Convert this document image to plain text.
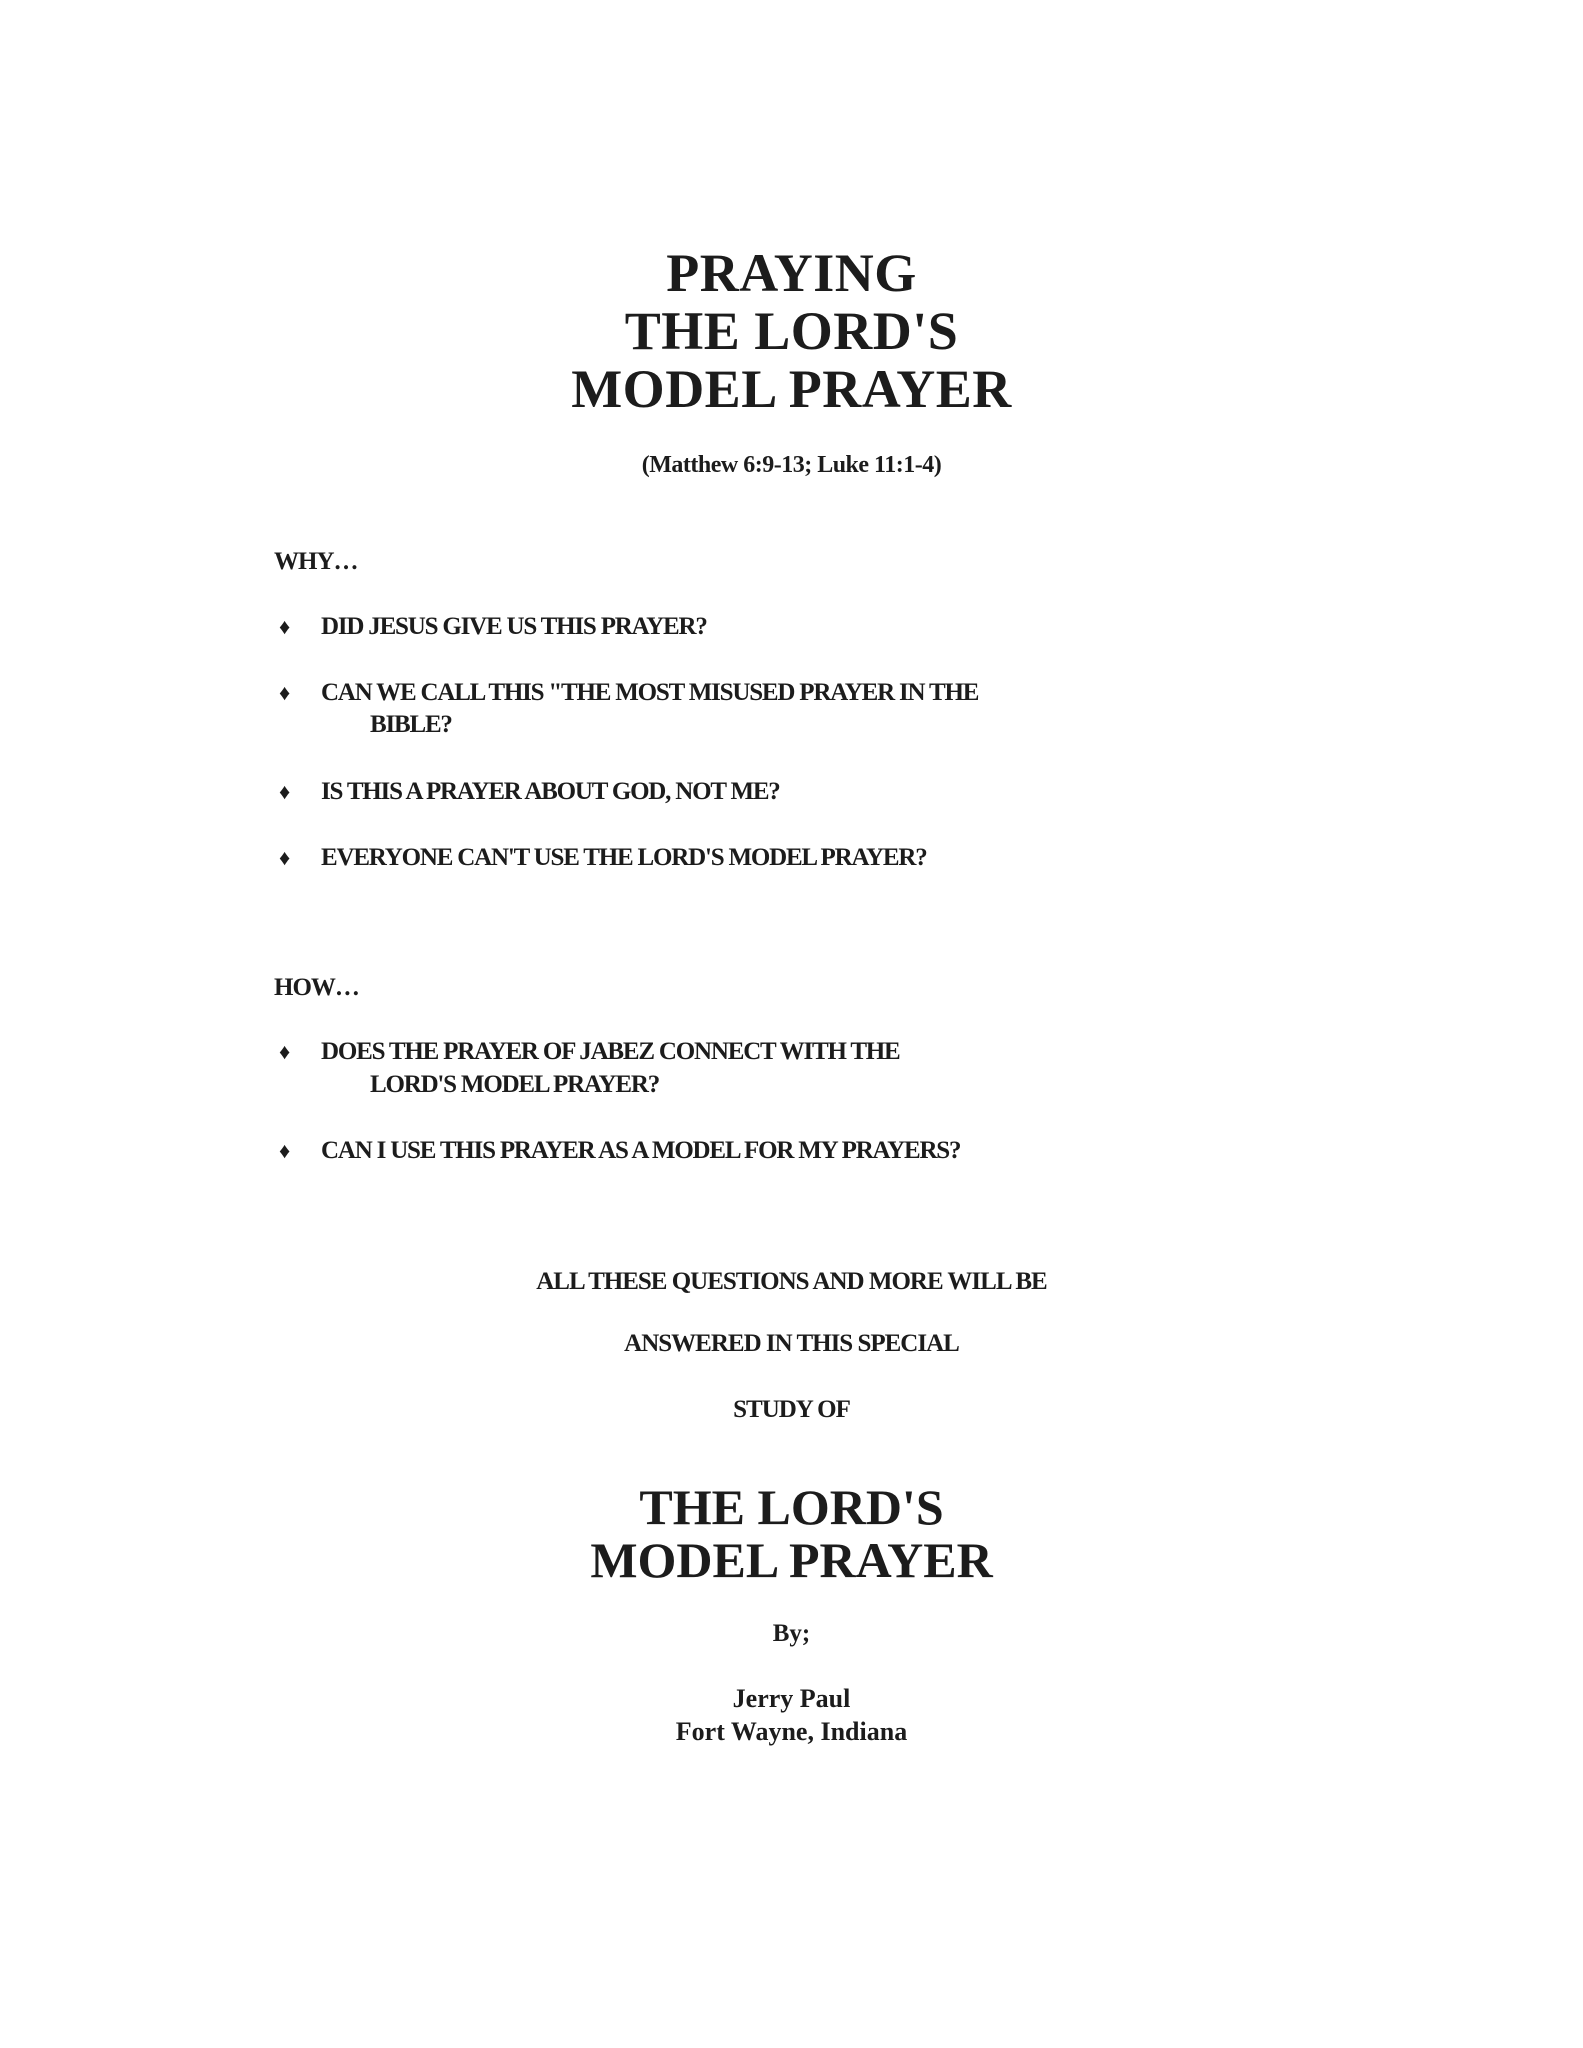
PRAYING
THE LORD'S
MODEL PRAYER
(Matthew 6:9-13; Luke 11:1-4)
WHY…
♦ DID JESUS GIVE US THIS PRAYER?
♦ CAN WE CALL THIS "THE MOST MISUSED PRAYER IN THE
BIBLE?
♦ IS THIS A PRAYER ABOUT GOD, NOT ME?
♦ EVERYONE CAN'T USE THE LORD'S MODEL PRAYER?
HOW…
♦ DOES THE PRAYER OF JABEZ CONNECT WITH THE
LORD'S MODEL PRAYER?
♦ CAN I USE THIS PRAYER AS A MODEL FOR MY PRAYERS?
ALL THESE QUESTIONS AND MORE WILL BE
ANSWERED IN THIS SPECIAL
STUDY OF
THE LORD'S
MODEL PRAYER
By;
Jerry Paul
Fort Wayne, Indiana
